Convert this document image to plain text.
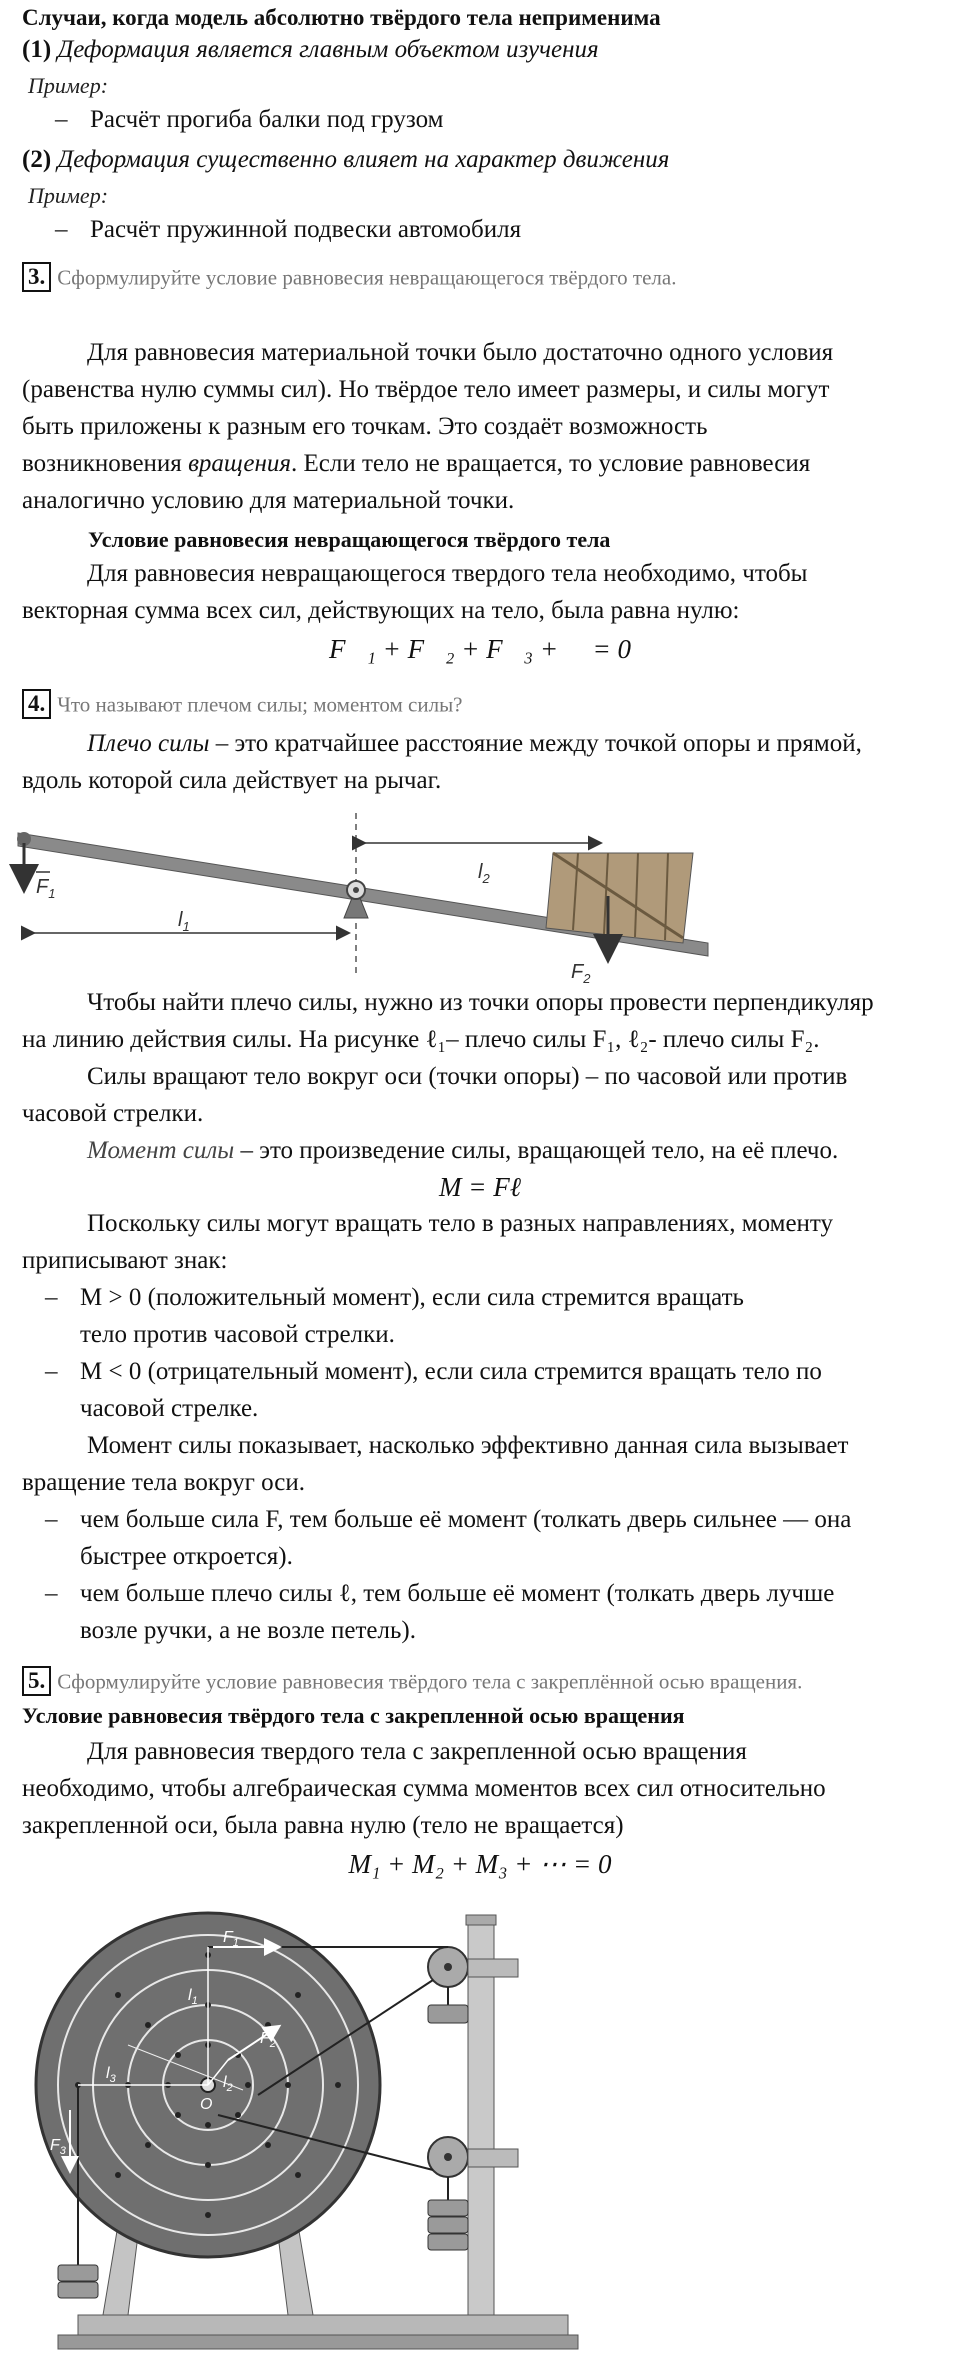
Случаи, когда модель абсолютно твёрдого тела неприменима
(1) Деформация является главным объектом изучения
Пример:
– Расчёт прогиба балки под грузом
(2) Деформация существенно влияет на характер движения
Пример:
– Расчёт пружинной подвески автомобиля
3. Сформулируйте условие равновесия невращающегося твёрдого тела.
Для равновесия материальной точки было достаточно одного условия
(равенства нулю суммы сил). Но твёрдое тело имеет размеры, и силы могут
быть приложены к разным его точкам. Это создаёт возможность
возникновения вращения. Если тело не вращается, то условие равновесия
аналогично условию для материальной точки.
Условие равновесия невращающегося твёрдого тела
Для равновесия невращающегося твердого тела необходимо, чтобы
векторная сумма всех сил, действующих на тело, была равна нулю:
F⃗₁ + F⃗₂ + F⃗₃ + ⋯ = 0
4. Что называют плечом силы; моментом силы?
Плечо силы – это кратчайшее расстояние между точкой опоры и прямой,
вдоль которой сила действует на рычаг.
$F_1$
$F_2$
$l_1$
$l_2$
Чтобы найти плечо силы, нужно из точки опоры провести перпендикуляр
на линию действия силы. На рисунке ℓ₁– плечо силы F₁, ℓ₂- плечо силы F₂.
Силы вращают тело вокруг оси (точки опоры) – по часовой или против
часовой стрелки.
Момент силы – это произведение силы, вращающей тело, на её плечо.
M = Fℓ
Поскольку силы могут вращать тело в разных направлениях, моменту
приписывают знак:
– M > 0 (положительный момент), если сила стремится вращать
тело против часовой стрелки.
– M < 0 (отрицательный момент), если сила стремится вращать тело по
часовой стрелке.
Момент силы показывает, насколько эффективно данная сила вызывает
вращение тела вокруг оси.
– чем больше сила F, тем больше её момент (толкать дверь сильнее — она
быстрее откроется).
– чем больше плечо силы ℓ, тем больше её момент (толкать дверь лучше
возле ручки, а не возле петель).
5. Сформулируйте условие равновесия твёрдого тела с закреплённой осью вращения.
Условие равновесия твёрдого тела с закрепленной осью вращения
Для равновесия твердого тела с закрепленной осью вращения
необходимо, чтобы алгебраическая сумма моментов всех сил относительно
закрепленной оси, была равна нулю (тело не вращается)
M₁ + M₂ + M₃ + ⋯ = 0
$F_1$
$F_2$
$F_3$
$l_1$
$l_2$
$l_3$
O
